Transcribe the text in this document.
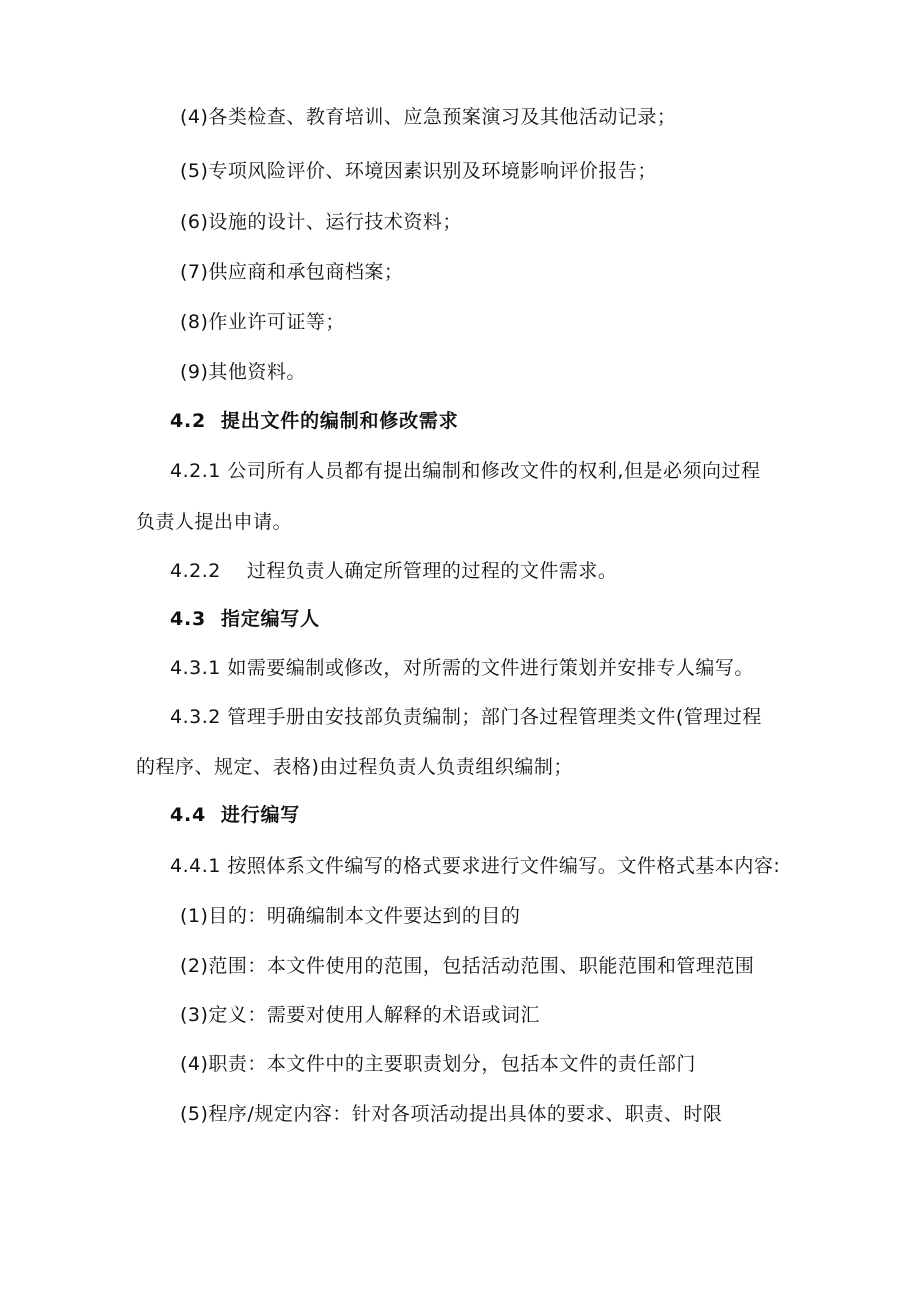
(4)各类检查、教育培训、应急预案演习及其他活动记录；
(5)专项风险评价、环境因素识别及环境影响评价报告；
(6)设施的设计、运行技术资料；
(7)供应商和承包商档案；
(8)作业许可证等；
(9)其他资料。
4.2 提出文件的编制和修改需求
4.2.1 公司所有人员都有提出编制和修改文件的权利,但是必须向过程
负责人提出申请。
4.2.2 过程负责人确定所管理的过程的文件需求。
4.3 指定编写人
4.3.1 如需要编制或修改，对所需的文件进行策划并安排专人编写。
4.3.2 管理手册由安技部负责编制；部门各过程管理类文件(管理过程
的程序、规定、表格)由过程负责人负责组织编制；
4.4 进行编写
4.4.1 按照体系文件编写的格式要求进行文件编写。文件格式基本内容:
(1)目的：明确编制本文件要达到的目的
(2)范围：本文件使用的范围，包括活动范围、职能范围和管理范围
(3)定义：需要对使用人解释的术语或词汇
(4)职责：本文件中的主要职责划分，包括本文件的责任部门
(5)程序/规定内容：针对各项活动提出具体的要求、职责、时限
